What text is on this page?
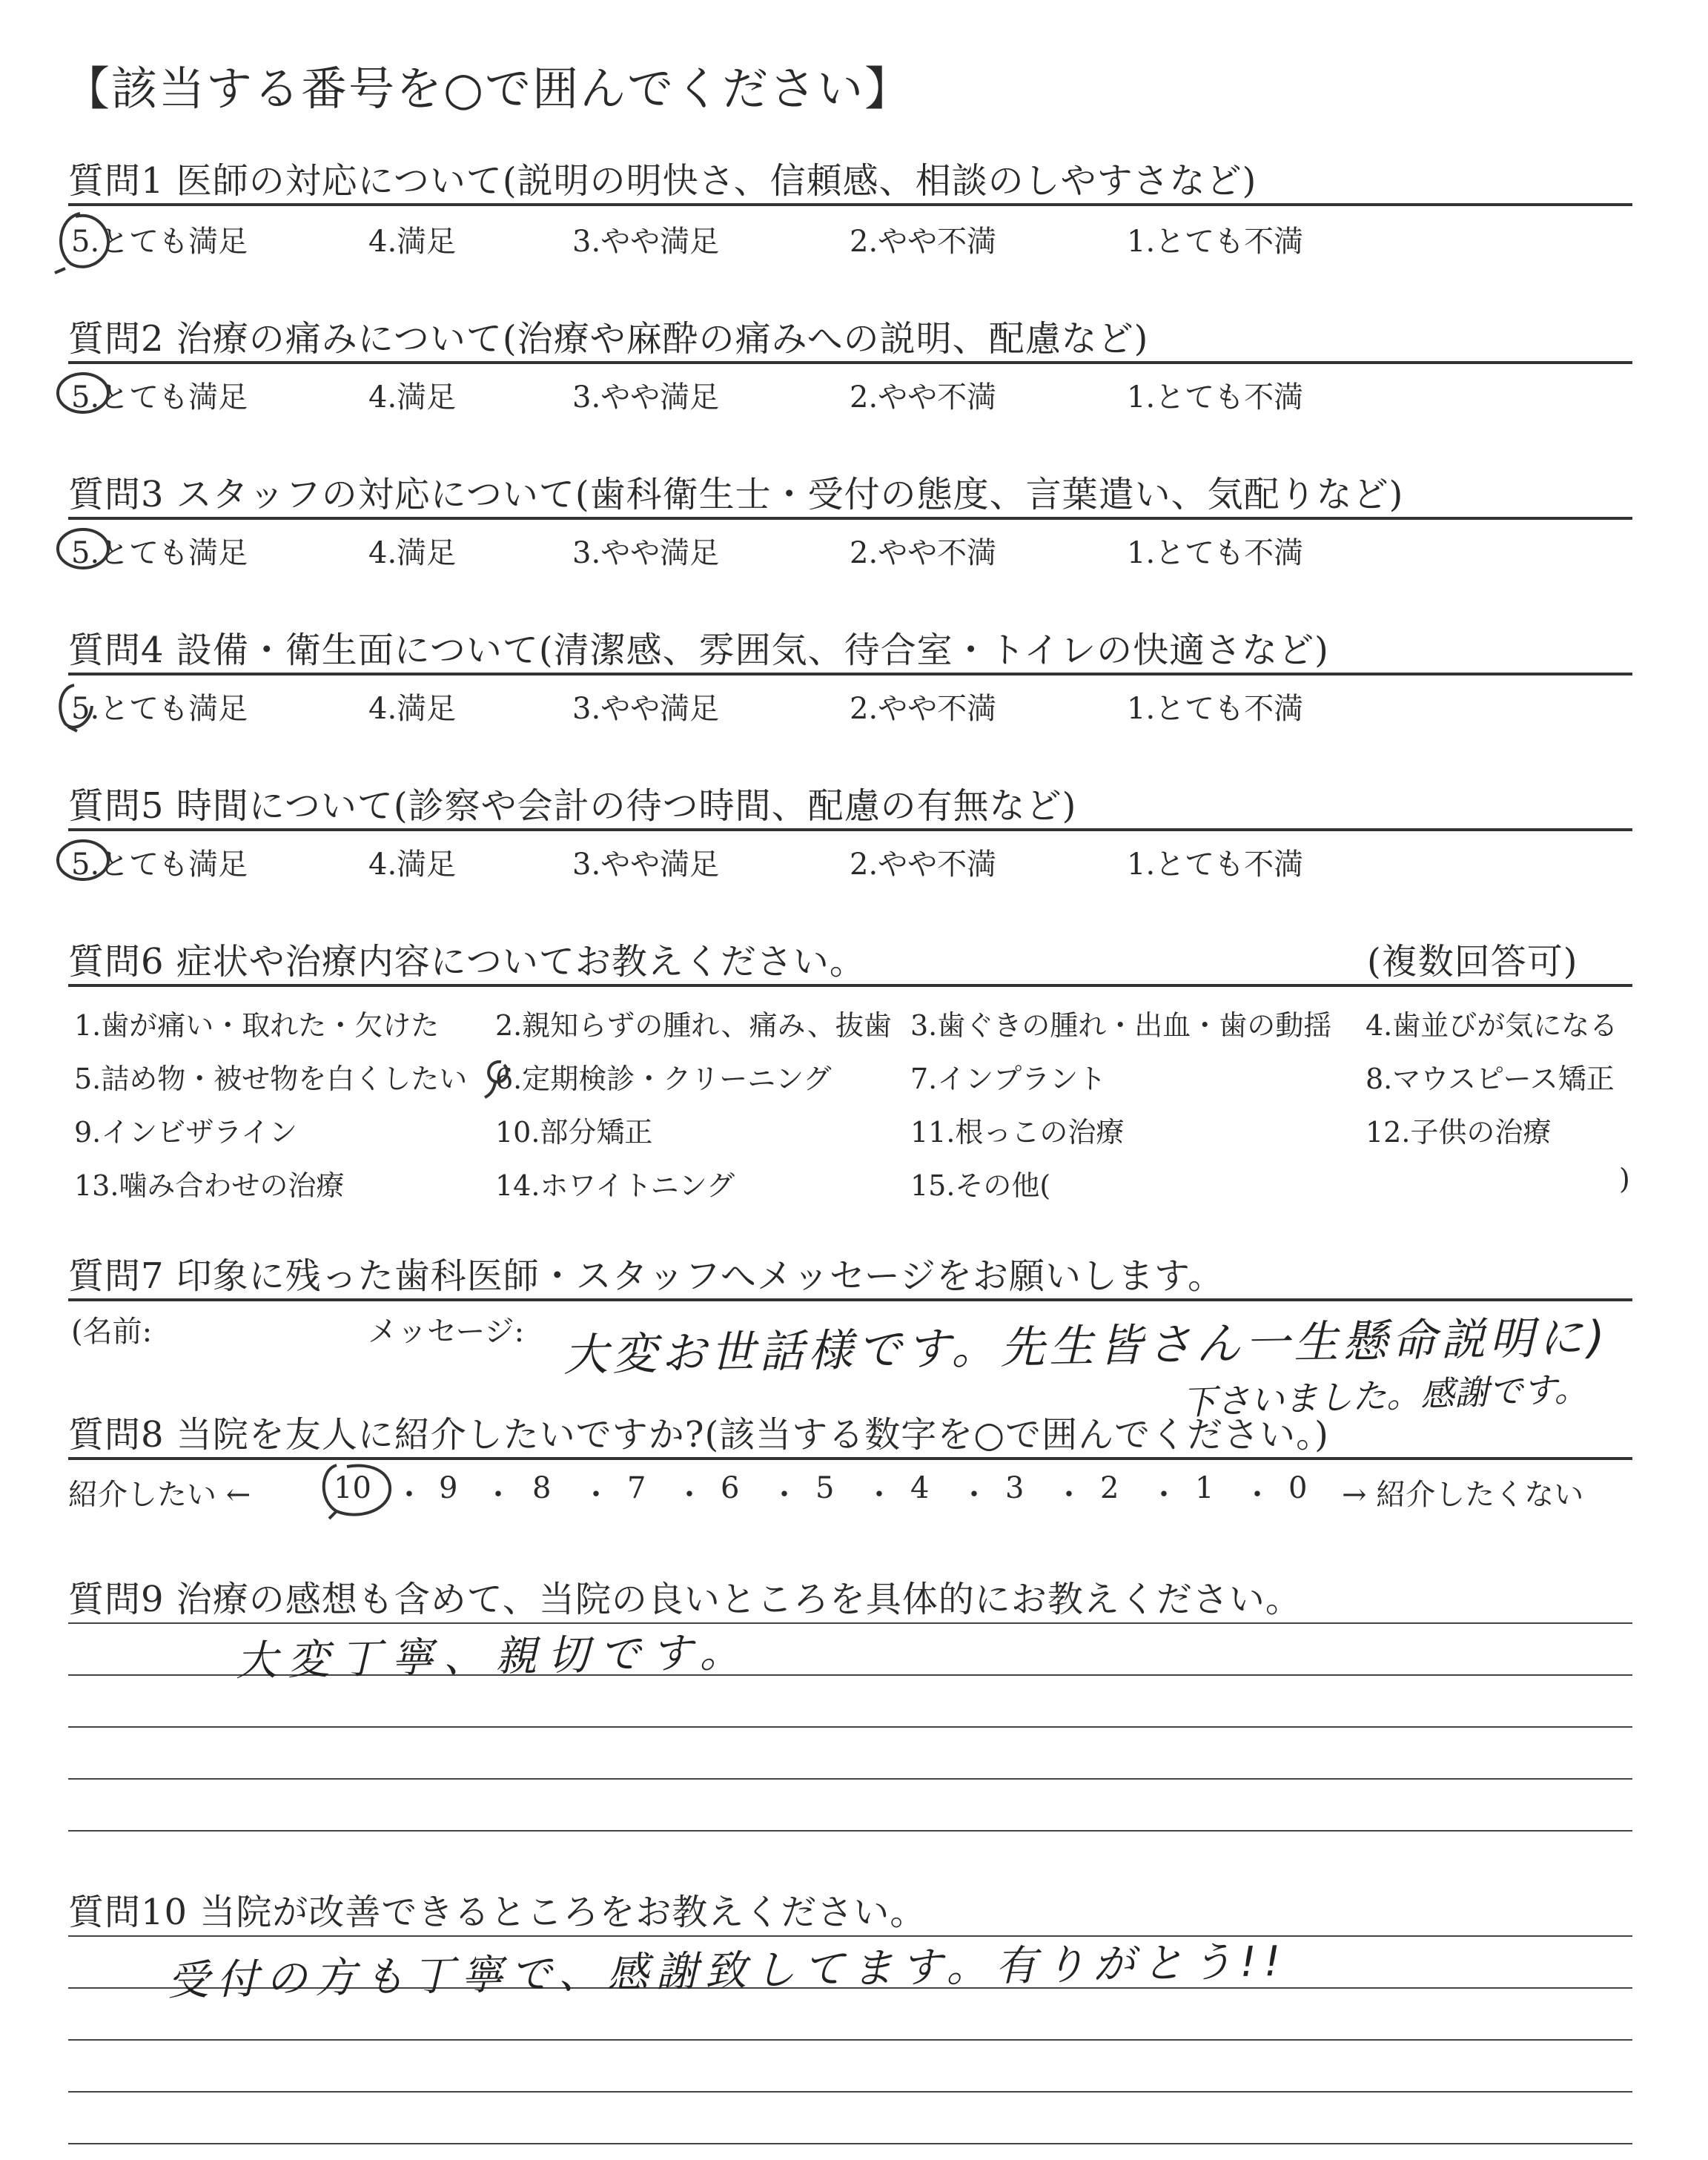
【該当する番号を○で囲んでください】
質問1 医師の対応について(説明の明快さ、信頼感、相談のしやすさなど)
5.とても満足	4.満足	3.やや満足	2.やや不満	1.とても不満
質問2 治療の痛みについて(治療や麻酔の痛みへの説明、配慮など)
5.とても満足	4.満足	3.やや満足	2.やや不満	1.とても不満
質問3 スタッフの対応について(歯科衛生士・受付の態度、言葉遣い、気配りなど)
5.とても満足	4.満足	3.やや満足	2.やや不満	1.とても不満
質問4 設備・衛生面について(清潔感、雰囲気、待合室・トイレの快適さなど)
5.とても満足	4.満足	3.やや満足	2.やや不満	1.とても不満
質問5 時間について(診察や会計の待つ時間、配慮の有無など)
5.とても満足	4.満足	3.やや満足	2.やや不満	1.とても不満
質問6 症状や治療内容についてお教えください。	(複数回答可)
1.歯が痛い・取れた・欠けた 2.親知らずの腫れ、痛み、抜歯 3.歯ぐきの腫れ・出血・歯の動揺 4.歯並びが気になる
5.詰め物・被せ物を白くしたい 6.定期検診・クリーニング	7.インプラント	8.マウスピース矯正
9.インビザライン	10.部分矯正	11.根っこの治療	12.子供の治療
13.噛み合わせの治療	14.ホワイトニング	15.その他(	)
質問7 印象に残った歯科医師・スタッフへメッセージをお願いします。
(名前:	メッセージ: 大変お世話様です。先生皆さん一生懸命説明に)
下さいました。感謝です。
質問8 当院を友人に紹介したいですか?(該当する数字を○で囲んでください。)
紹介したい ←	10 ・ 9 ・ 8 ・ 7 ・ 6 ・ 5 ・ 4 ・ 3 ・ 2 ・ 1 ・ 0 → 紹介したくない
質問9 治療の感想も含めて、当院の良いところを具体的にお教えください。
大変丁寧、親切です。
質問10 当院が改善できるところをお教えください。
受付の方も丁寧で、感謝致してます。有りがとう!!
